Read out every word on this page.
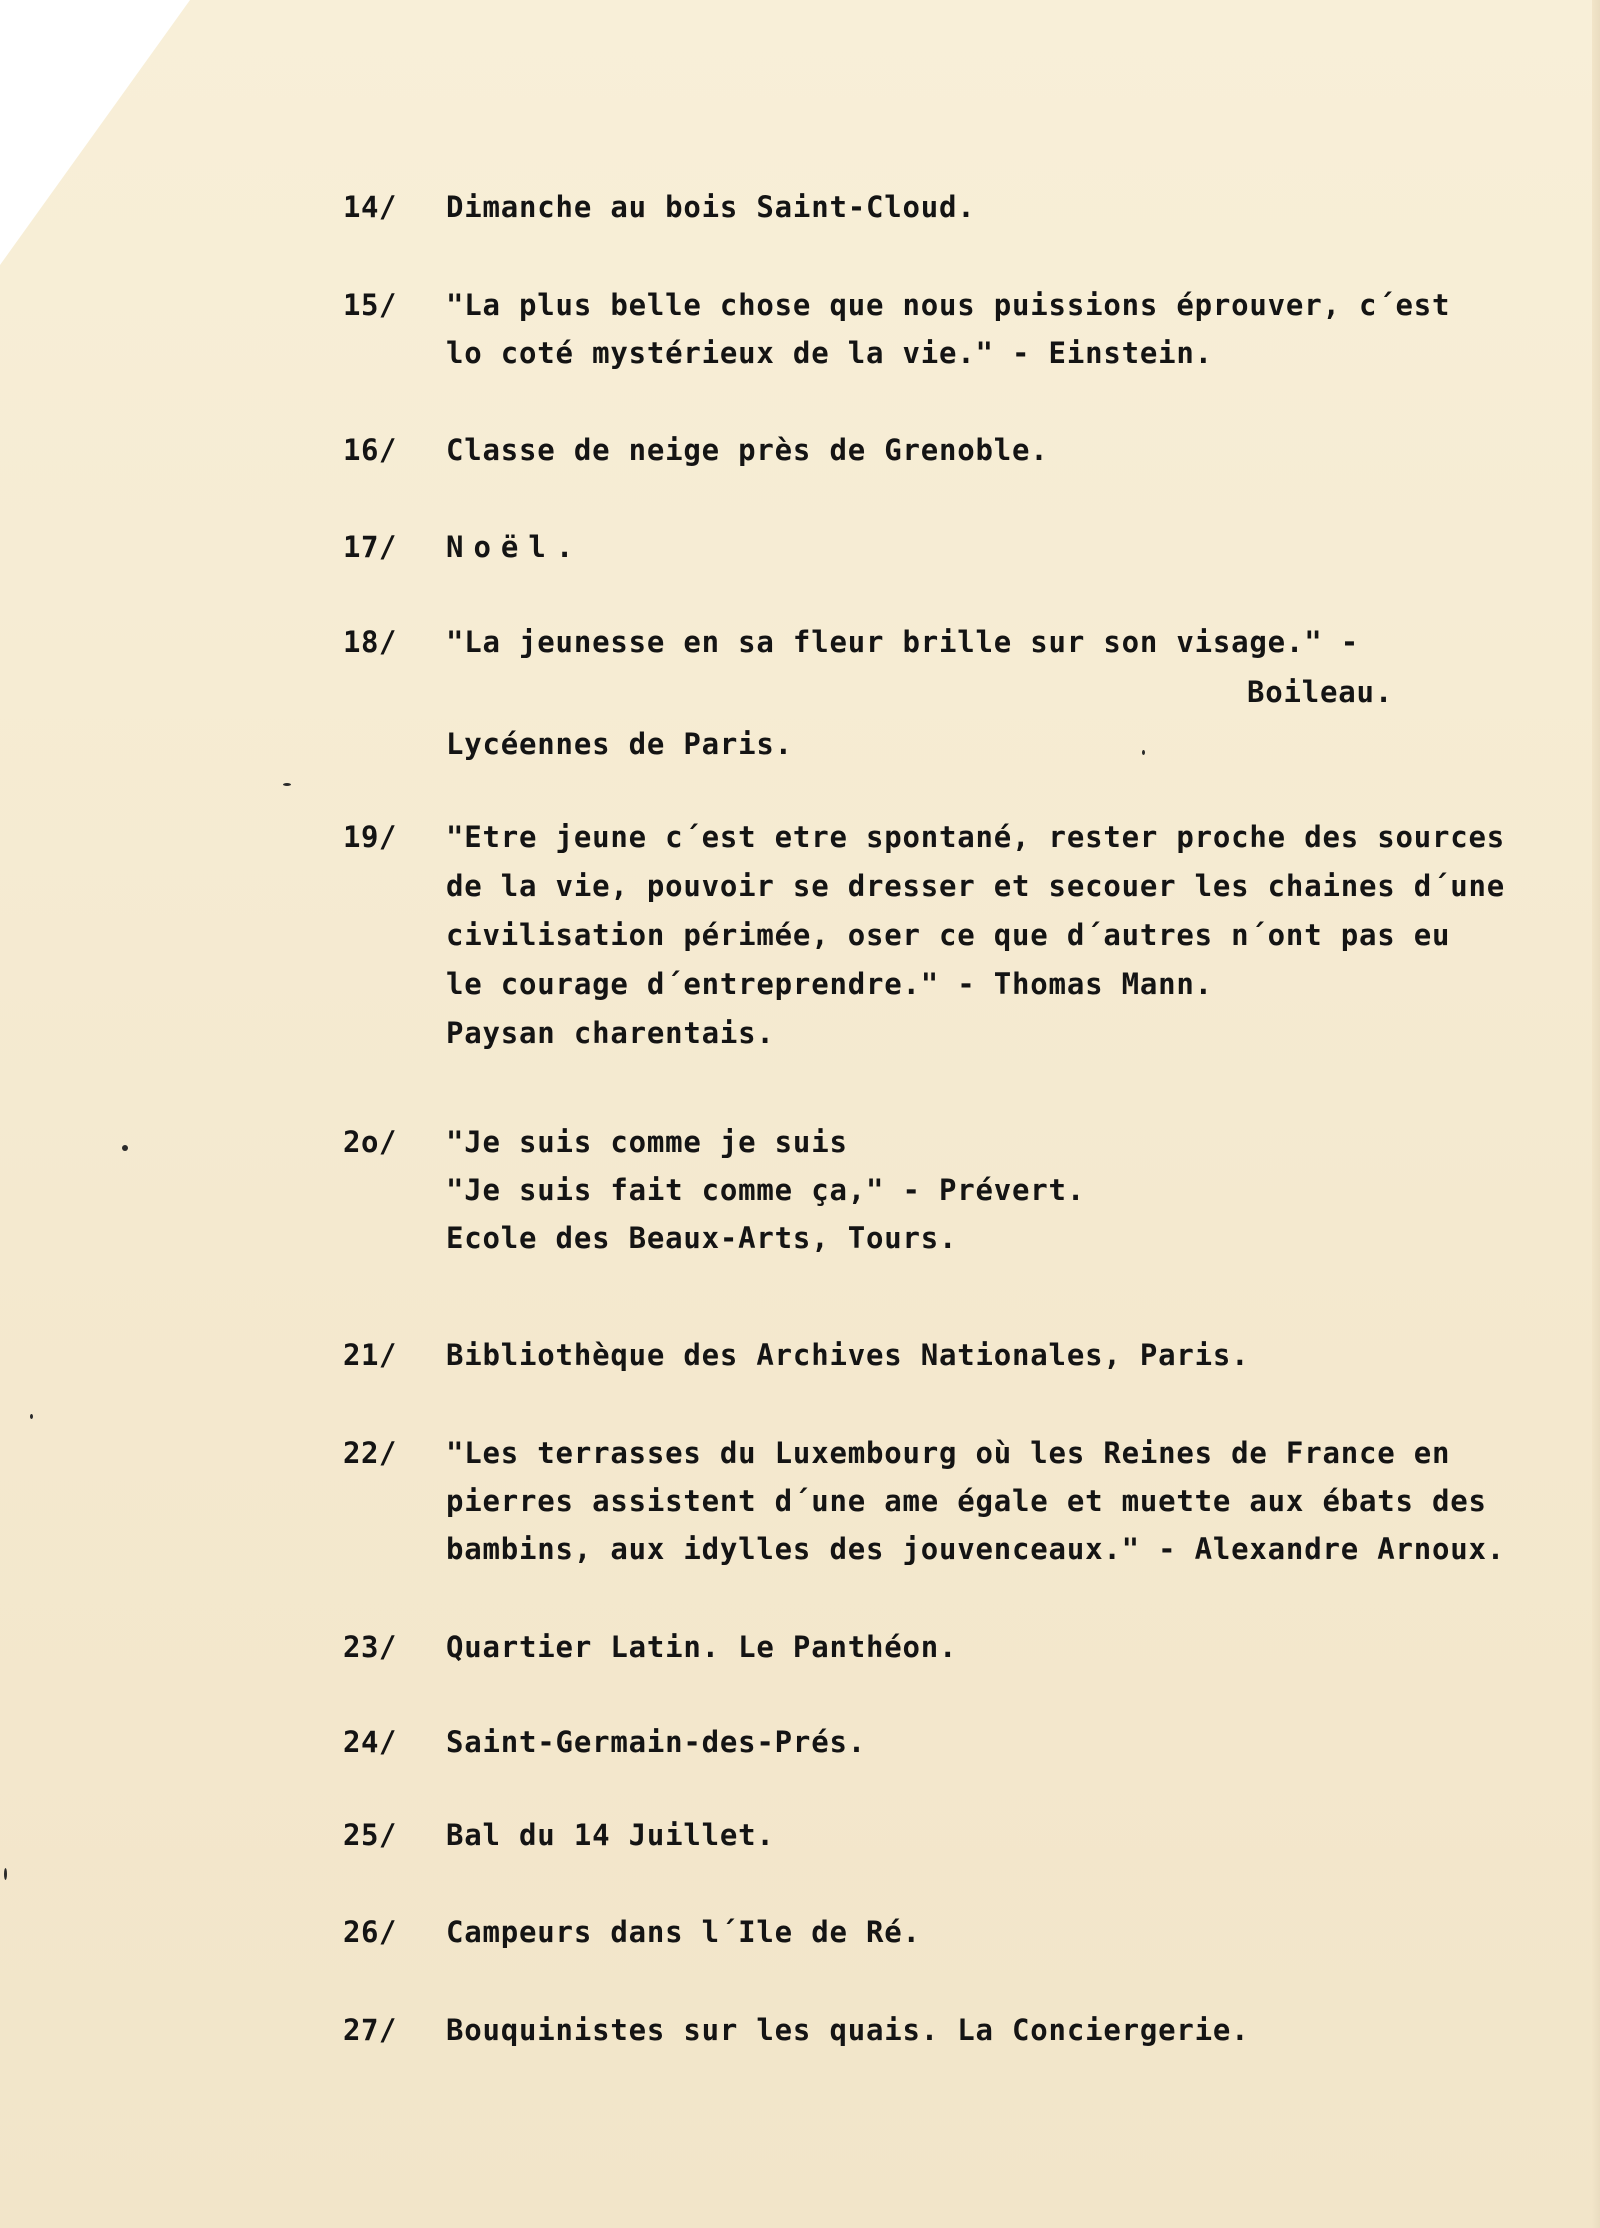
14/ Dimanche au bois Saint-Cloud.
15/ "La plus belle chose que nous puissions éprouver, c´est
lo coté mystérieux de la vie." - Einstein.
16/ Classe de neige près de Grenoble.
17/ Noël.
18/ "La jeunesse en sa fleur brille sur son visage." -
Boileau.
Lycéennes de Paris.
19/ "Etre jeune c´est etre spontané, rester proche des sources
de la vie, pouvoir se dresser et secouer les chaines d´une
civilisation périmée, oser ce que d´autres n´ont pas eu
le courage d´entreprendre." - Thomas Mann.
Paysan charentais.
2o/ "Je suis comme je suis
"Je suis fait comme ça," - Prévert.
Ecole des Beaux-Arts, Tours.
21/ Bibliothèque des Archives Nationales, Paris.
22/ "Les terrasses du Luxembourg où les Reines de France en
pierres assistent d´une ame égale et muette aux ébats des
bambins, aux idylles des jouvenceaux." - Alexandre Arnoux.
23/ Quartier Latin. Le Panthéon.
24/ Saint-Germain-des-Prés.
25/ Bal du 14 Juillet.
26/ Campeurs dans l´Ile de Ré.
27/ Bouquinistes sur les quais. La Conciergerie.
